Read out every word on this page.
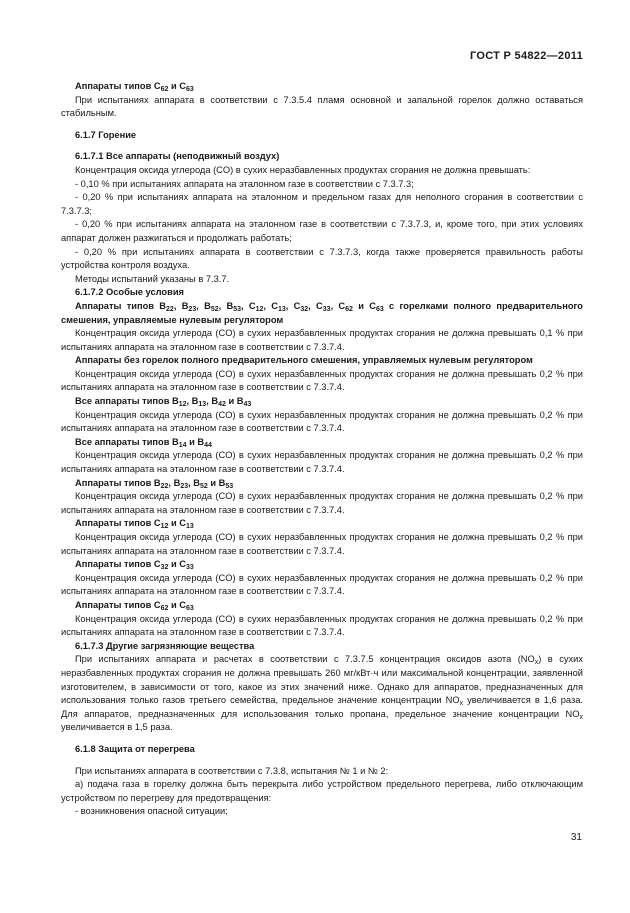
ГОСТ Р 54822—2011
Аппараты типов $C_{62}$ и $C_{63}$
При испытаниях аппарата в соответствии с 7.3.5.4 пламя основной и запальной горелок должно оставаться стабильным.
6.1.7 Горение
6.1.7.1 Все аппараты (неподвижный воздух)
Концентрация оксида углерода (CO) в сухих неразбавленных продуктах сгорания не должна превышать:
- 0,10 % при испытаниях аппарата на эталонном газе в соответствии с 7.3.7.3;
- 0,20 % при испытаниях аппарата на эталонном и предельном газах для неполного сгорания в соответствии с 7.3.7.3;
- 0,20 % при испытаниях аппарата на эталонном газе в соответствии с 7.3.7.3, и, кроме того, при этих условиях аппарат должен разжигаться и продолжать работать;
- 0,20 % при испытаниях аппарата в соответствии с 7.3.7.3, когда также проверяется правильность работы устройства контроля воздуха.
Методы испытаний указаны в 7.3.7.
6.1.7.2 Особые условия
Аппараты типов $B_{22}$, $B_{23}$, $B_{52}$, $B_{53}$, $C_{12}$, $C_{13}$, $C_{32}$, $C_{33}$, $C_{62}$ и $C_{63}$ с горелками полного предварительного смешения, управляемые нулевым регулятором
Концентрация оксида углерода (CO) в сухих неразбавленных продуктах сгорания не должна превышать 0,1 % при испытаниях аппарата на эталонном газе в соответствии с 7.3.7.4.
Аппараты без горелок полного предварительного смешения, управляемых нулевым регулятором
Концентрация оксида углерода (CO) в сухих неразбавленных продуктах сгорания не должна превышать 0,2 % при испытаниях аппарата на эталонном газе в соответствии с 7.3.7.4.
Все аппараты типов $B_{12}$, $B_{13}$, $B_{42}$ и $B_{43}$
Концентрация оксида углерода (CO) в сухих неразбавленных продуктах сгорания не должна превышать 0,2 % при испытаниях аппарата на эталонном газе в соответствии с 7.3.7.4.
Все аппараты типов $B_{14}$ и $B_{44}$
Концентрация оксида углерода (CO) в сухих неразбавленных продуктах сгорания не должна превышать 0,2 % при испытаниях аппарата на эталонном газе в соответствии с 7.3.7.4.
Аппараты типов $B_{22}$, $B_{23}$, $B_{52}$ и $B_{53}$
Концентрация оксида углерода (CO) в сухих неразбавленных продуктах сгорания не должна превышать 0,2 % при испытаниях аппарата на эталонном газе в соответствии с 7.3.7.4.
Аппараты типов $C_{12}$ и $C_{13}$
Концентрация оксида углерода (CO) в сухих неразбавленных продуктах сгорания не должна превышать 0,2 % при испытаниях аппарата на эталонном газе в соответствии с 7.3.7.4.
Аппараты типов $C_{32}$ и $C_{33}$
Концентрация оксида углерода (CO) в сухих неразбавленных продуктах сгорания не должна превышать 0,2 % при испытаниях аппарата на эталонном газе в соответствии с 7.3.7.4.
Аппараты типов $C_{62}$ и $C_{63}$
Концентрация оксида углерода (CO) в сухих неразбавленных продуктах сгорания не должна превышать 0,2 % при испытаниях аппарата на эталонном газе в соответствии с 7.3.7.4.
6.1.7.3 Другие загрязняющие вещества
При испытаниях аппарата и расчетах в соответствии с 7.3.7.5 концентрация оксидов азота $(NO_x)$ в сухих неразбавленных продуктах сгорания не должна превышать 260 мг/кВт·ч или максимальной концентрации, заявленной изготовителем, в зависимости от того, какое из этих значений ниже. Однако для аппаратов, предназначенных для использования только газов третьего семейства, предельное значение концентрации $NO_x$ увеличивается в 1,6 раза. Для аппаратов, предназначенных для использования только пропана, предельное значение концентрации $NO_x$ увеличивается в 1,5 раза.
6.1.8 Защита от перегрева
При испытаниях аппарата в соответствии с 7.3.8, испытания № 1 и № 2:
а) подача газа в горелку должна быть перекрыта либо устройством предельного перегрева, либо отключающим устройством по перегреву для предотвращения:
- возникновения опасной ситуации;
31
